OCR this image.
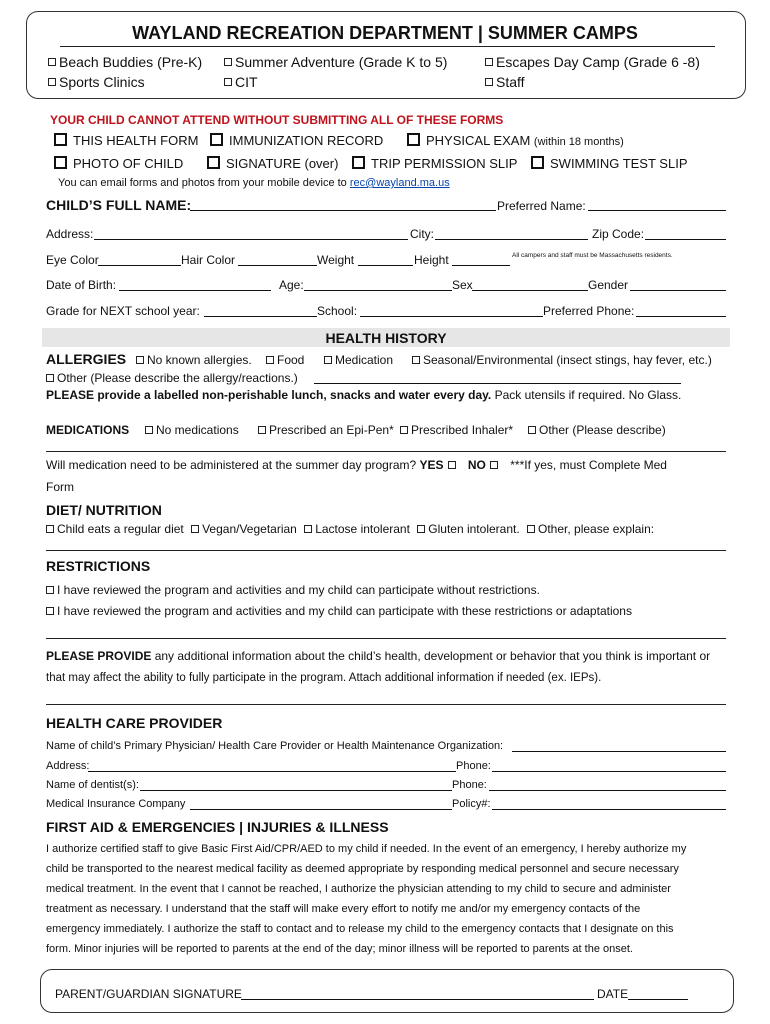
WAYLAND RECREATION DEPARTMENT | SUMMER CAMPS
Beach Buddies (Pre-K)	Summer Adventure (Grade K to 5)	Escapes Day Camp (Grade 6 -8)
Sports Clinics	CIT	Staff
YOUR CHILD CANNOT ATTEND WITHOUT SUBMITTING ALL OF THESE FORMS
THIS HEALTH FORM	IMMUNIZATION RECORD	PHYSICAL EXAM (within 18 months)
PHOTO OF CHILD	SIGNATURE (over)	TRIP PERMISSION SLIP	SWIMMING TEST SLIP
You can email forms and photos from your mobile device to rec@wayland.ma.us
CHILD’S FULL NAME:	Preferred Name:
Address:	City:	Zip Code:
Eye Color	Hair Color	Weight	Height	All campers and staff must be Massachusetts residents.
Date of Birth:	Age:	Sex	Gender
Grade for NEXT school year:	School:	Preferred Phone:
HEALTH HISTORY
ALLERGIES	No known allergies.	Food	Medication	Seasonal/Environmental (insect stings, hay fever, etc.)
Other (Please describe the allergy/reactions.)
PLEASE provide a labelled non-perishable lunch, snacks and water every day. Pack utensils if required. No Glass.
MEDICATIONS	No medications	Prescribed an Epi-Pen*	Prescribed Inhaler*	Other (Please describe)
Will medication need to be administered at the summer day program? YES NO ***If yes, must Complete Med
Form
DIET/ NUTRITION
Child eats a regular diet Vegan/Vegetarian Lactose intolerant Gluten intolerant. Other, please explain:
RESTRICTIONS
I have reviewed the program and activities and my child can participate without restrictions.
I have reviewed the program and activities and my child can participate with these restrictions or adaptations
PLEASE PROVIDE any additional information about the child’s health, development or behavior that you think is important or
that may affect the ability to fully participate in the program. Attach additional information if needed (ex. IEPs).
HEALTH CARE PROVIDER
Name of child’s Primary Physician/ Health Care Provider or Health Maintenance Organization:
Address:	Phone:
Name of dentist(s):	Phone:
Medical Insurance Company	Policy#:
FIRST AID & EMERGENCIES | INJURIES & ILLNESS
I authorize certified staff to give Basic First Aid/CPR/AED to my child if needed. In the event of an emergency, I hereby authorize my
child be transported to the nearest medical facility as deemed appropriate by responding medical personnel and secure necessary
medical treatment. In the event that I cannot be reached, I authorize the physician attending to my child to secure and administer
treatment as necessary. I understand that the staff will make every effort to notify me and/or my emergency contacts of the
emergency immediately. I authorize the staff to contact and to release my child to the emergency contacts that I designate on this
form. Minor injuries will be reported to parents at the end of the day; minor illness will be reported to parents at the onset.
PARENT/GUARDIAN SIGNATURE	DATE
